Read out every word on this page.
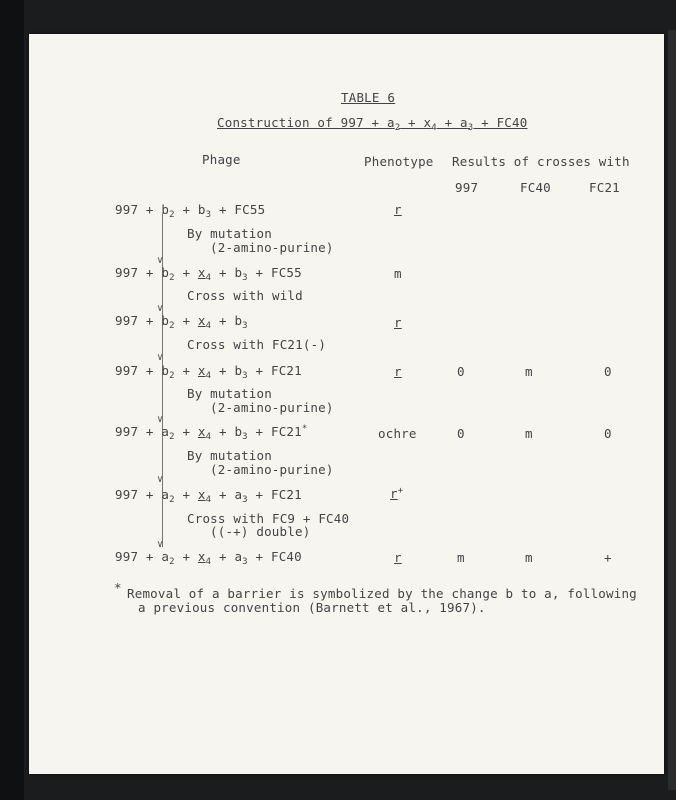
TABLE 6
Construction of $997 + a_2 + x_4 + a_3 + FC40$
Phage	Phenotype Results of crosses with
997	FC40	FC21
∨
∨
∨
∨
∨
∨
$997 + b_2 + b_3 + FC55$	r
By mutation
(2-amino-purine)
$997 + b_2 + x_4 + b_3 + FC55$	m
Cross with wild
$997 + b_2 + x_4 + b_3$	r
Cross with FC21(-)
$997 + b_2 + x_4 + b_3 + FC21$	r	0	m	0
By mutation
(2-amino-purine)
$997 + a_2 + x_4 + b_3 + FC21^*$	ochre	0	m	0
By mutation
(2-amino-purine)
$997 + a_2 + x_4 + a_3 + FC21$	r+
Cross with FC9 + FC40
((-+) double)
$997 + a_2 + x_4 + a_3 + FC40$	r	m	m	+
* Removal of a barrier is symbolized by the change b to a, following
a previous convention (Barnett et al., 1967).
